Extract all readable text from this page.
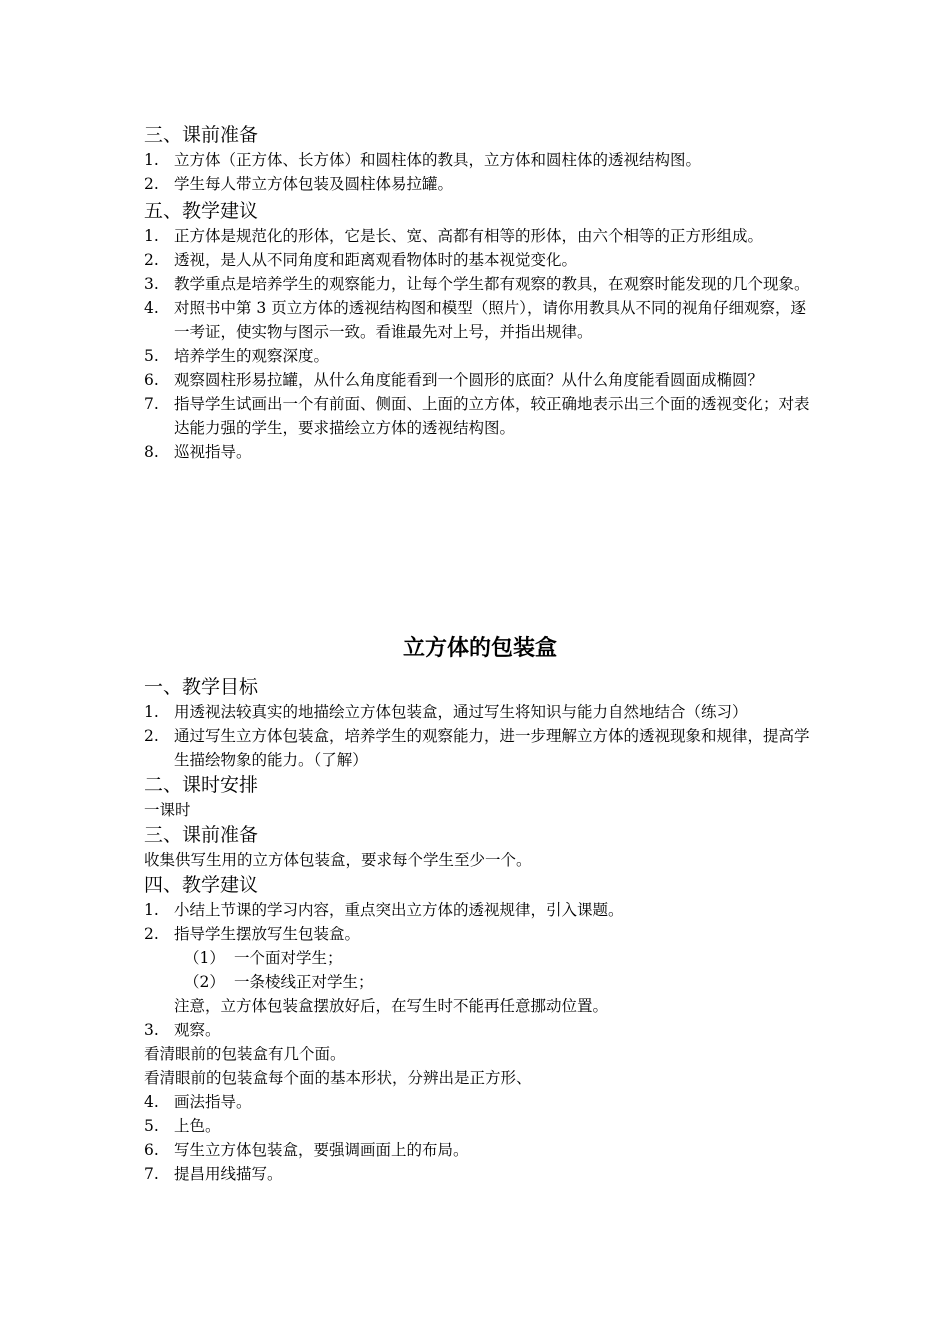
三、课前准备
1. 立方体（正方体、长方体）和圆柱体的教具，立方体和圆柱体的透视结构图。
2. 学生每人带立方体包装及圆柱体易拉罐。
五、教学建议
1. 正方体是规范化的形体，它是长、宽、高都有相等的形体，由六个相等的正方形组成。
2. 透视，是人从不同角度和距离观看物体时的基本视觉变化。
3. 教学重点是培养学生的观察能力，让每个学生都有观察的教具，在观察时能发现的几个现象。
4. 对照书中第 3 页立方体的透视结构图和模型（照片），请你用教具从不同的视角仔细观察，逐一考证，使实物与图示一致。看谁最先对上号，并指出规律。
5. 培养学生的观察深度。
6. 观察圆柱形易拉罐，从什么角度能看到一个圆形的底面？从什么角度能看圆面成椭圆？
7. 指导学生试画出一个有前面、侧面、上面的立方体，较正确地表示出三个面的透视变化；对表达能力强的学生，要求描绘立方体的透视结构图。
8. 巡视指导。
立方体的包装盒
一、教学目标
1. 用透视法较真实的地描绘立方体包装盒，通过写生将知识与能力自然地结合（练习）
2. 通过写生立方体包装盒，培养学生的观察能力，进一步理解立方体的透视现象和规律，提高学生描绘物象的能力。（了解）
二、课时安排
一课时
三、课前准备
收集供写生用的立方体包装盒，要求每个学生至少一个。
四、教学建议
1. 小结上节课的学习内容，重点突出立方体的透视规律，引入课题。
2. 指导学生摆放写生包装盒。
（1） 一个面对学生；
（2） 一条棱线正对学生；
注意，立方体包装盒摆放好后，在写生时不能再任意挪动位置。
3. 观察。
看清眼前的包装盒有几个面。
看清眼前的包装盒每个面的基本形状，分辨出是正方形、
4. 画法指导。
5. 上色。
6. 写生立方体包装盒，要强调画面上的布局。
7. 提昌用线描写。
